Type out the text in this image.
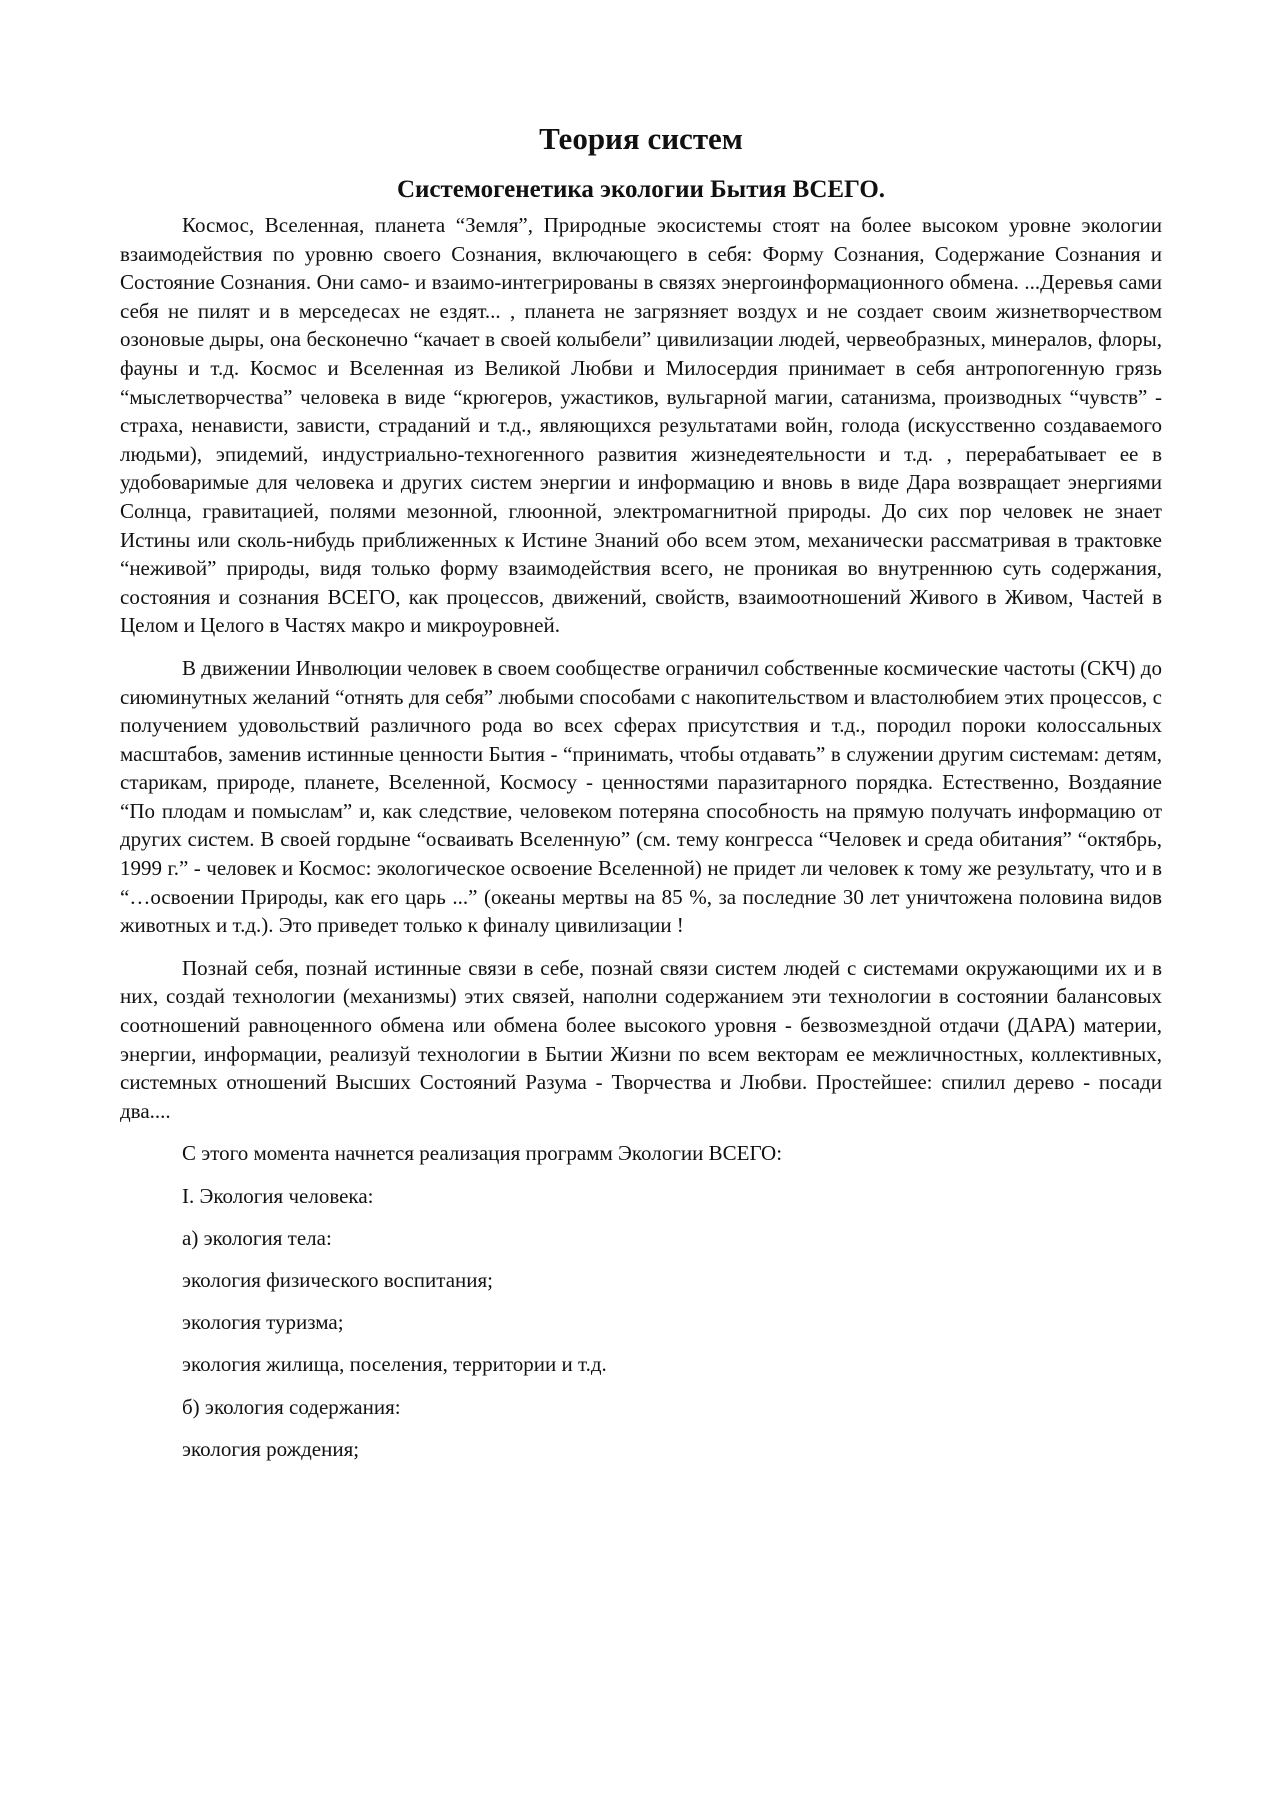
Теория систем
Системогенетика экологии Бытия ВСЕГО.

Космос, Вселенная, планета “Земля”, Природные экосистемы стоят на более высоком уровне экологии взаимодействия по уровню своего Сознания, включающего в себя: Форму Сознания, Содержание Сознания и Состояние Сознания. Они само- и взаимо-интегрированы в связях энергоинформационного обмена. ...Деревья сами себя не пилят и в мерседесах не ездят... , планета не загрязняет воздух и не создает своим жизнетворчеством озоновые дыры, она бесконечно “качает в своей колыбели” цивилизации людей, червеобразных, минералов, флоры, фауны и т.д. Космос и Вселенная из Великой Любви и Милосердия принимает в себя антропогенную грязь “мыслетворчества” человека в виде “крюгеров, ужастиков, вульгарной магии, сатанизма, производных “чувств” - страха, ненависти, зависти, страданий и т.д., являющихся результатами войн, голода (искусственно создаваемого людьми), эпидемий, индустриально-техногенного развития жизнедеятельности и т.д. , перерабатывает ее в удобоваримые для человека и других систем энергии и информацию и вновь в виде Дара возвращает энергиями Солнца, гравитацией, полями мезонной, глюонной, электромагнитной природы. До сих пор человек не знает Истины или сколь-нибудь приближенных к Истине Знаний обо всем этом, механически рассматривая в трактовке “неживой” природы, видя только форму взаимодействия всего, не проникая во внутреннюю суть содержания, состояния и сознания ВСЕГО, как процессов, движений, свойств, взаимоотношений Живого в Живом, Частей в Целом и Целого в Частях макро и микроуровней.

В движении Инволюции человек в своем сообществе ограничил собственные космические частоты (СКЧ) до сиюминутных желаний “отнять для себя” любыми способами с накопительством и властолюбием этих процессов, с получением удовольствий различного рода во всех сферах присутствия и т.д., породил пороки колоссальных масштабов, заменив истинные ценности Бытия - “принимать, чтобы отдавать” в служении другим системам: детям, старикам, природе, планете, Вселенной, Космосу - ценностями паразитарного порядка. Естественно, Воздаяние “По плодам и помыслам” и, как следствие, человеком потеряна способность на прямую получать информацию от других систем. В своей гордыне “осваивать Вселенную” (см. тему конгресса “Человек и среда обитания” “октябрь, 1999 г.” - человек и Космос: экологическое освоение Вселенной) не придет ли человек к тому же результату, что и в “…освоении Природы, как его царь ...” (океаны мертвы на 85 %, за последние 30 лет уничтожена половина видов животных и т.д.). Это приведет только к финалу цивилизации !

Познай себя, познай истинные связи в себе, познай связи систем людей с системами окружающими их и в них, создай технологии (механизмы) этих связей, наполни содержанием эти технологии в состоянии балансовых соотношений равноценного обмена или обмена более высокого уровня - безвозмездной отдачи (ДАРА) материи, энергии, информации, реализуй технологии в Бытии Жизни по всем векторам ее межличностных, коллективных, системных отношений Высших Состояний Разума - Творчества и Любви. Простейшее: спилил дерево - посади два....

С этого момента начнется реализация программ Экологии ВСЕГО:
I. Экология человека:
а) экология тела:
экология физического воспитания;
экология туризма;
экология жилища, поселения, территории и т.д.
б) экология содержания:
экология рождения;
